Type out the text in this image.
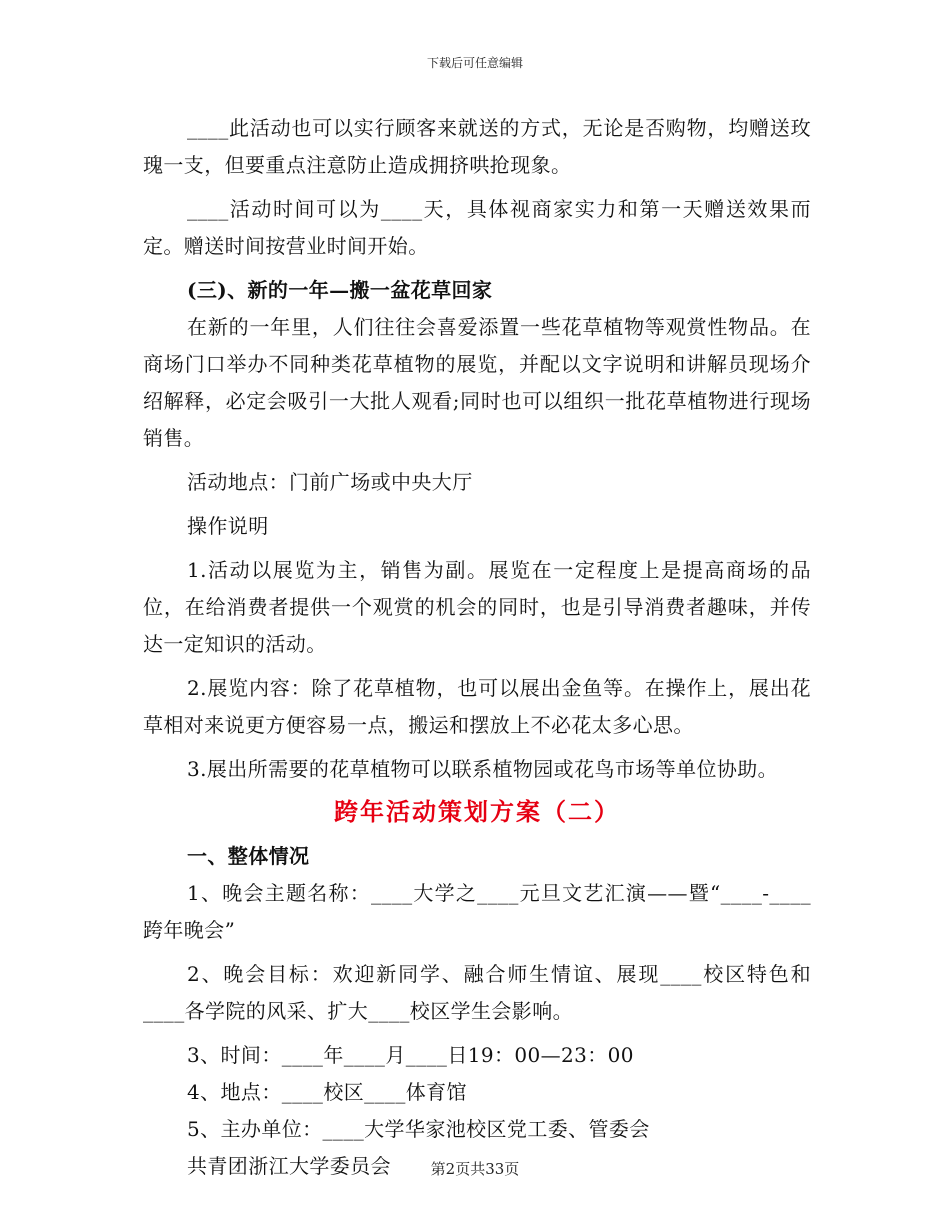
下载后可任意编辑

____此活动也可以实行顾客来就送的方式，无论是否购物，均赠送玫瑰一支，但要重点注意防止造成拥挤哄抢现象。

____活动时间可以为____天，具体视商家实力和第一天赠送效果而定。赠送时间按营业时间开始。

(三)、新的一年—搬一盆花草回家

在新的一年里，人们往往会喜爱添置一些花草植物等观赏性物品。在商场门口举办不同种类花草植物的展览，并配以文字说明和讲解员现场介绍解释，必定会吸引一大批人观看;同时也可以组织一批花草植物进行现场销售。

活动地点：门前广场或中央大厅

操作说明

1.活动以展览为主，销售为副。展览在一定程度上是提高商场的品位，在给消费者提供一个观赏的机会的同时，也是引导消费者趣味，并传达一定知识的活动。

2.展览内容：除了花草植物，也可以展出金鱼等。在操作上，展出花草相对来说更方便容易一点，搬运和摆放上不必花太多心思。

3.展出所需要的花草植物可以联系植物园或花鸟市场等单位协助。

跨年活动策划方案（二）

一、整体情况

1、晚会主题名称：____大学之____元旦文艺汇演——暨“____-____跨年晚会”

2、晚会目标：欢迎新同学、融合师生情谊、展现____校区特色和____各学院的风采、扩大____校区学生会影响。

3、时间：____年____月____日19：00—23：00

4、地点：____校区____体育馆

5、主办单位：____大学华家池校区党工委、管委会

共青团浙江大学委员会	第2页共33页
